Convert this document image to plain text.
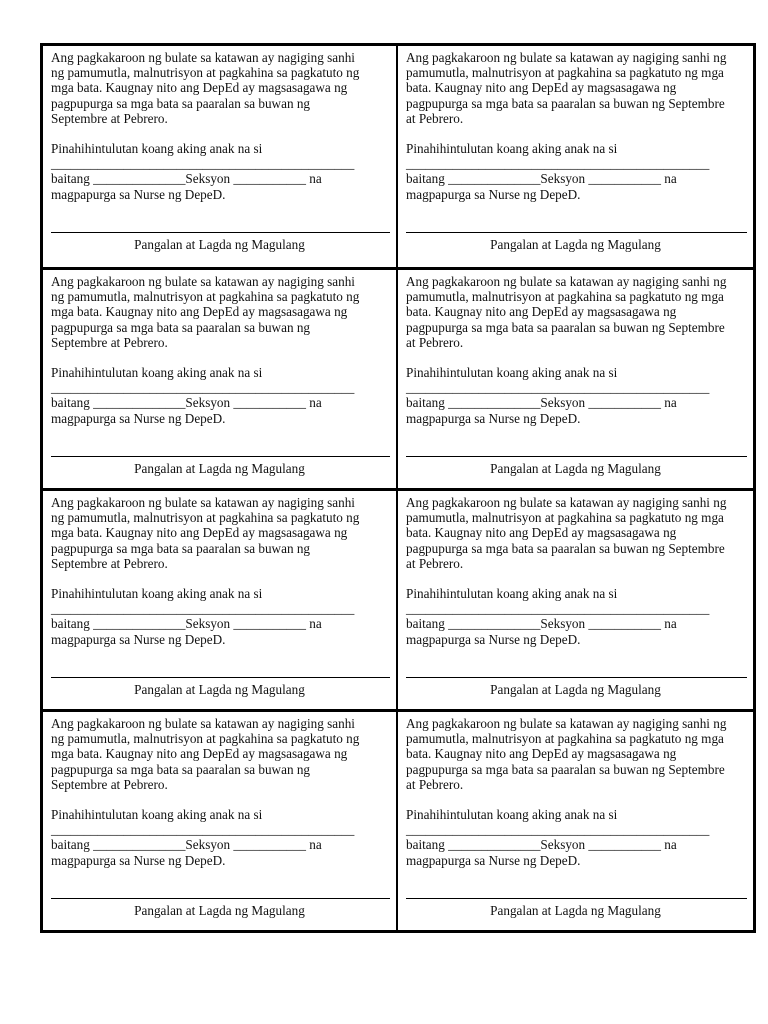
Ang pagkakaroon ng bulate sa katawan ay nagiging sanhi
ng pamumutla, malnutrisyon at pagkahina sa pagkatuto ng
mga bata. Kaugnay nito ang DepEd ay magsasagawa ng
pagpupurga sa mga bata sa paaralan sa buwan ng
Septembre at Pebrero.
Pinahihintulutan koang aking anak na si
______________________________________________
baitang ______________Seksyon ___________ na
magpapurga sa Nurse ng DepeD.
Pangalan at Lagda ng Magulang
Ang pagkakaroon ng bulate sa katawan ay nagiging sanhi ng
pamumutla, malnutrisyon at pagkahina sa pagkatuto ng mga
bata. Kaugnay nito ang DepEd ay magsasagawa ng
pagpupurga sa mga bata sa paaralan sa buwan ng Septembre
at Pebrero.
Pinahihintulutan koang aking anak na si
______________________________________________
baitang ______________Seksyon ___________ na
magpapurga sa Nurse ng DepeD.
Pangalan at Lagda ng Magulang
Ang pagkakaroon ng bulate sa katawan ay nagiging sanhi
ng pamumutla, malnutrisyon at pagkahina sa pagkatuto ng
mga bata. Kaugnay nito ang DepEd ay magsasagawa ng
pagpupurga sa mga bata sa paaralan sa buwan ng
Septembre at Pebrero.
Pinahihintulutan koang aking anak na si
______________________________________________
baitang ______________Seksyon ___________ na
magpapurga sa Nurse ng DepeD.
Pangalan at Lagda ng Magulang
Ang pagkakaroon ng bulate sa katawan ay nagiging sanhi ng
pamumutla, malnutrisyon at pagkahina sa pagkatuto ng mga
bata. Kaugnay nito ang DepEd ay magsasagawa ng
pagpupurga sa mga bata sa paaralan sa buwan ng Septembre
at Pebrero.
Pinahihintulutan koang aking anak na si
______________________________________________
baitang ______________Seksyon ___________ na
magpapurga sa Nurse ng DepeD.
Pangalan at Lagda ng Magulang
Ang pagkakaroon ng bulate sa katawan ay nagiging sanhi
ng pamumutla, malnutrisyon at pagkahina sa pagkatuto ng
mga bata. Kaugnay nito ang DepEd ay magsasagawa ng
pagpupurga sa mga bata sa paaralan sa buwan ng
Septembre at Pebrero.
Pinahihintulutan koang aking anak na si
______________________________________________
baitang ______________Seksyon ___________ na
magpapurga sa Nurse ng DepeD.
Pangalan at Lagda ng Magulang
Ang pagkakaroon ng bulate sa katawan ay nagiging sanhi ng
pamumutla, malnutrisyon at pagkahina sa pagkatuto ng mga
bata. Kaugnay nito ang DepEd ay magsasagawa ng
pagpupurga sa mga bata sa paaralan sa buwan ng Septembre
at Pebrero.
Pinahihintulutan koang aking anak na si
______________________________________________
baitang ______________Seksyon ___________ na
magpapurga sa Nurse ng DepeD.
Pangalan at Lagda ng Magulang
Ang pagkakaroon ng bulate sa katawan ay nagiging sanhi
ng pamumutla, malnutrisyon at pagkahina sa pagkatuto ng
mga bata. Kaugnay nito ang DepEd ay magsasagawa ng
pagpupurga sa mga bata sa paaralan sa buwan ng
Septembre at Pebrero.
Pinahihintulutan koang aking anak na si
______________________________________________
baitang ______________Seksyon ___________ na
magpapurga sa Nurse ng DepeD.
Pangalan at Lagda ng Magulang
Ang pagkakaroon ng bulate sa katawan ay nagiging sanhi ng
pamumutla, malnutrisyon at pagkahina sa pagkatuto ng mga
bata. Kaugnay nito ang DepEd ay magsasagawa ng
pagpupurga sa mga bata sa paaralan sa buwan ng Septembre
at Pebrero.
Pinahihintulutan koang aking anak na si
______________________________________________
baitang ______________Seksyon ___________ na
magpapurga sa Nurse ng DepeD.
Pangalan at Lagda ng Magulang
